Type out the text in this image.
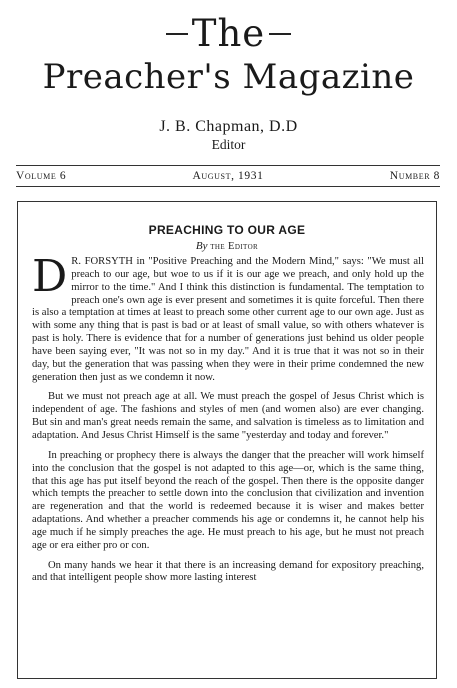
The
Preacher's Magazine
J. B. Chapman, D.D
Editor
Volume 6	August, 1931	Number 8
PREACHING TO OUR AGE
By the Editor

D R. FORSYTH in "Positive Preaching and the Modern Mind," says: "We must all preach to our age, but woe to us if it is our age we preach, and only hold up the mirror to the time." And I think this distinction is fundamental. The temptation to preach one's own age is ever present and sometimes it is quite forceful. Then there is also a temptation at times at least to preach some other current age to our own age. Just as with some any thing that is past is bad or at least of small value, so with others whatever is past is holy. There is evidence that for a number of generations just behind us older people have been saying ever, "It was not so in my day." And it is true that it was not so in their day, but the generation that was passing when they were in their prime condemned the new generation then just as we condemn it now.

But we must not preach age at all. We must preach the gospel of Jesus Christ which is independent of age. The fashions and styles of men (and women also) are ever changing. But sin and man's great needs remain the same, and salvation is timeless as to limitation and adaptation. And Jesus Christ Himself is the same "yesterday and today and forever."

In preaching or prophecy there is always the danger that the preacher will work himself into the conclusion that the gospel is not adapted to this age—or, which is the same thing, that this age has put itself beyond the reach of the gospel. Then there is the opposite danger which tempts the preacher to settle down into the conclusion that civilization and invention are regeneration and that the world is redeemed because it is wiser and makes better adaptations. And whether a preacher commends his age or condemns it, he cannot help his age much if he simply preaches the age. He must preach to his age, but he must not preach age or era either pro or con.

On many hands we hear it that there is an increasing demand for expository preaching, and that intelligent people show more lasting interest
